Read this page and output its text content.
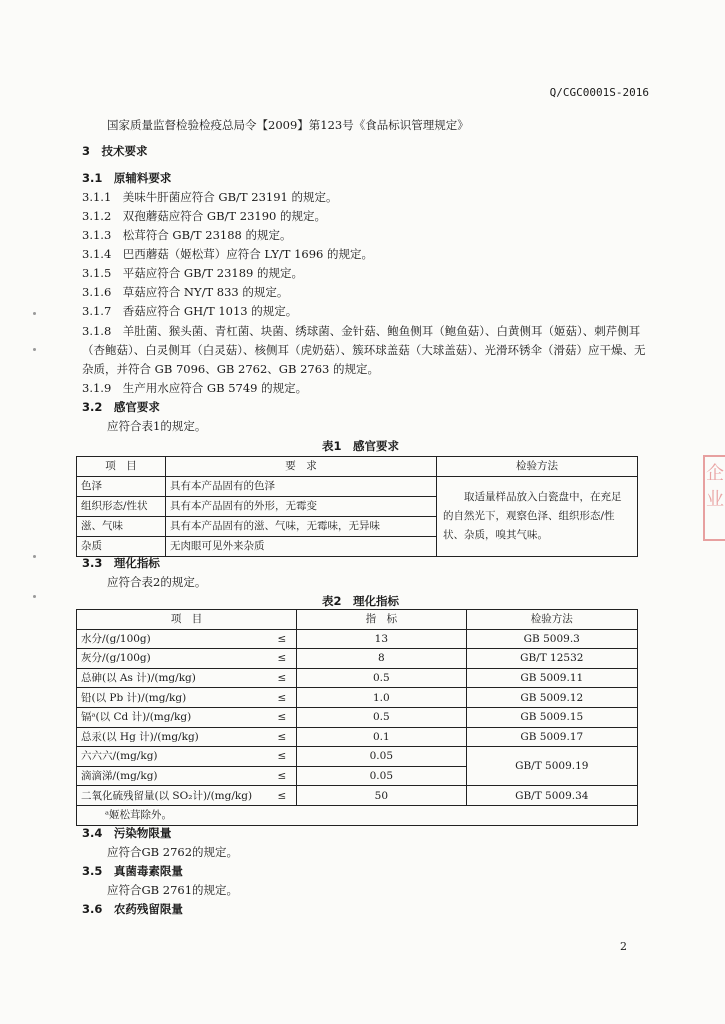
Q/CGC0001S-2016
国家质量监督检验检疫总局令【2009】第123号《食品标识管理规定》
3　技术要求
3.1　原辅料要求
3.1.1　美味牛肝菌应符合 GB/T 23191 的规定。
3.1.2　双孢蘑菇应符合 GB/T 23190 的规定。
3.1.3　松茸符合 GB/T 23188 的规定。
3.1.4　巴西蘑菇（姬松茸）应符合 LY/T 1696 的规定。
3.1.5　平菇应符合 GB/T 23189 的规定。
3.1.6　草菇应符合 NY/T 833 的规定。
3.1.7　香菇应符合 GH/T 1013 的规定。
3.1.8　羊肚菌、猴头菌、青杠菌、块菌、绣球菌、金针菇、鲍鱼侧耳（鲍鱼菇）、白黄侧耳（姬菇）、刺芹侧耳（杏鲍菇）、白灵侧耳（白灵菇）、核侧耳（虎奶菇）、簇环球盖菇（大球盖菇）、光滑环锈伞（滑菇）应干燥、无杂质，并符合 GB 7096、GB 2762、GB 2763 的规定。
3.1.9　生产用水应符合 GB 5749 的规定。
3.2　感官要求
应符合表1的规定。
表1　感官要求
项　目	要　求	检验方法
色泽	具有本产品固有的色泽	取适量样品放入白瓷盘中，在充足的自然光下，观察色泽、组织形态/性状、杂质，嗅其气味。
组织形态/性状	具有本产品固有的外形，无霉变	
滋、气味	具有本产品固有的滋、气味，无霉味，无异味	
杂质	无肉眼可见外来杂质	
3.3　理化指标
应符合表2的规定。
表2　理化指标
项　目		指　标	检验方法
水分/(g/100g)	≤	13	GB 5009.3
灰分/(g/100g)	≤	8	GB/T 12532
总砷(以 As 计)/(mg/kg)	≤	0.5	GB 5009.11
铅(以 Pb 计)/(mg/kg)	≤	1.0	GB 5009.12
镉ᵃ(以 Cd 计)/(mg/kg)	≤	0.5	GB 5009.15
总汞(以 Hg 计)/(mg/kg)	≤	0.1	GB 5009.17
六六六/(mg/kg)	≤	0.05	GB/T 5009.19
滴滴涕/(mg/kg)	≤	0.05	
二氧化硫残留量(以 SO₂计)/(mg/kg)	≤	50	GB/T 5009.34
ᵃ姬松茸除外。			
3.4　污染物限量
应符合GB 2762的规定。
3.5　真菌毒素限量
应符合GB 2761的规定。
3.6　农药残留限量
2
企业
